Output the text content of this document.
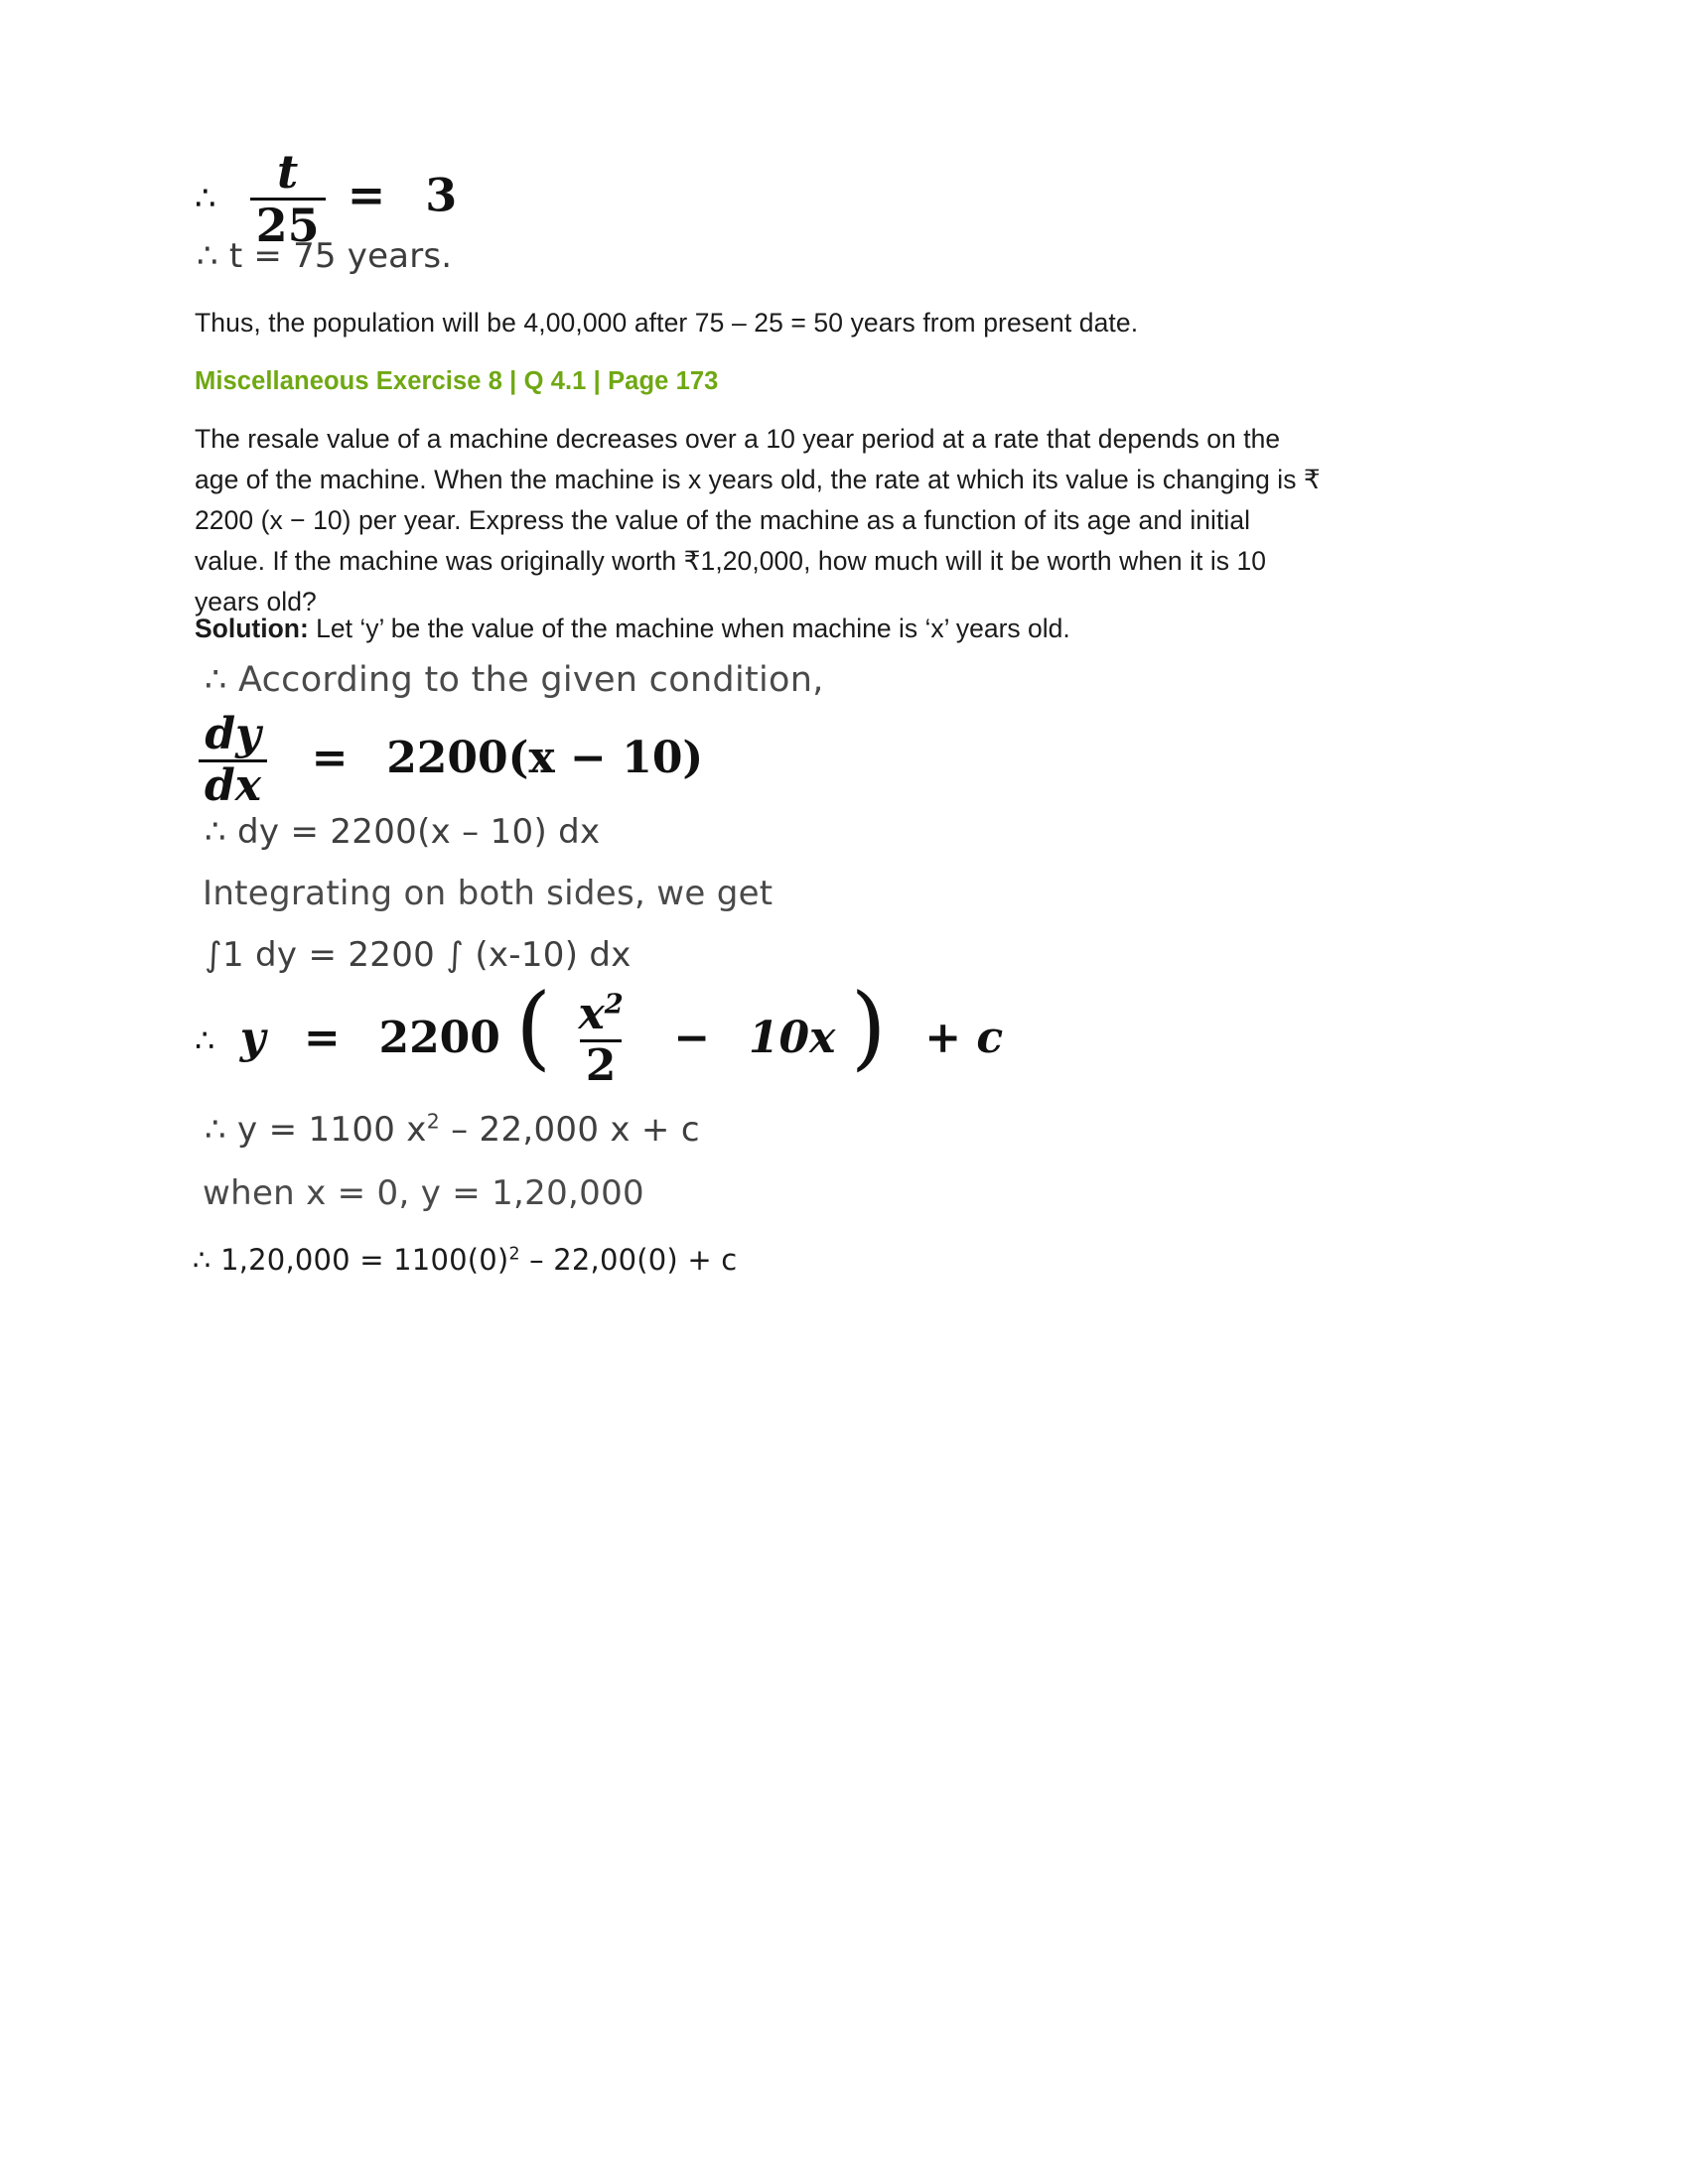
∴ $\frac{t}{25} = 3$
∴ t = 75 years.
Thus, the population will be 4,00,000 after 75 – 25 = 50 years from present date.
Miscellaneous Exercise 8 | Q 4.1 | Page 173
The resale value of a machine decreases over a 10 year period at a rate that depends on the age of the machine. When the machine is x years old, the rate at which its value is changing is ₹ 2200 (x − 10) per year. Express the value of the machine as a function of its age and initial value. If the machine was originally worth ₹1,20,000, how much will it be worth when it is 10 years old?
Solution: Let ‘y’ be the value of the machine when machine is ‘x’ years old.
∴ According to the given condition,
$\frac{dy}{dx} = 2200(x - 10)$
∴ dy = 2200(x – 10) dx
Integrating on both sides, we get
∫1 dy = 2200 ∫ (x-10) dx
∴ y = 2200 ( $\frac{x^2}{2} - 10x$ ) + c
∴ y = 1100 $x^2 - 22,000$ x + c
when x = 0, y = 1,20,000
∴ $1,20,000 = 1100(0)^2 - 22,00(0) + c$
